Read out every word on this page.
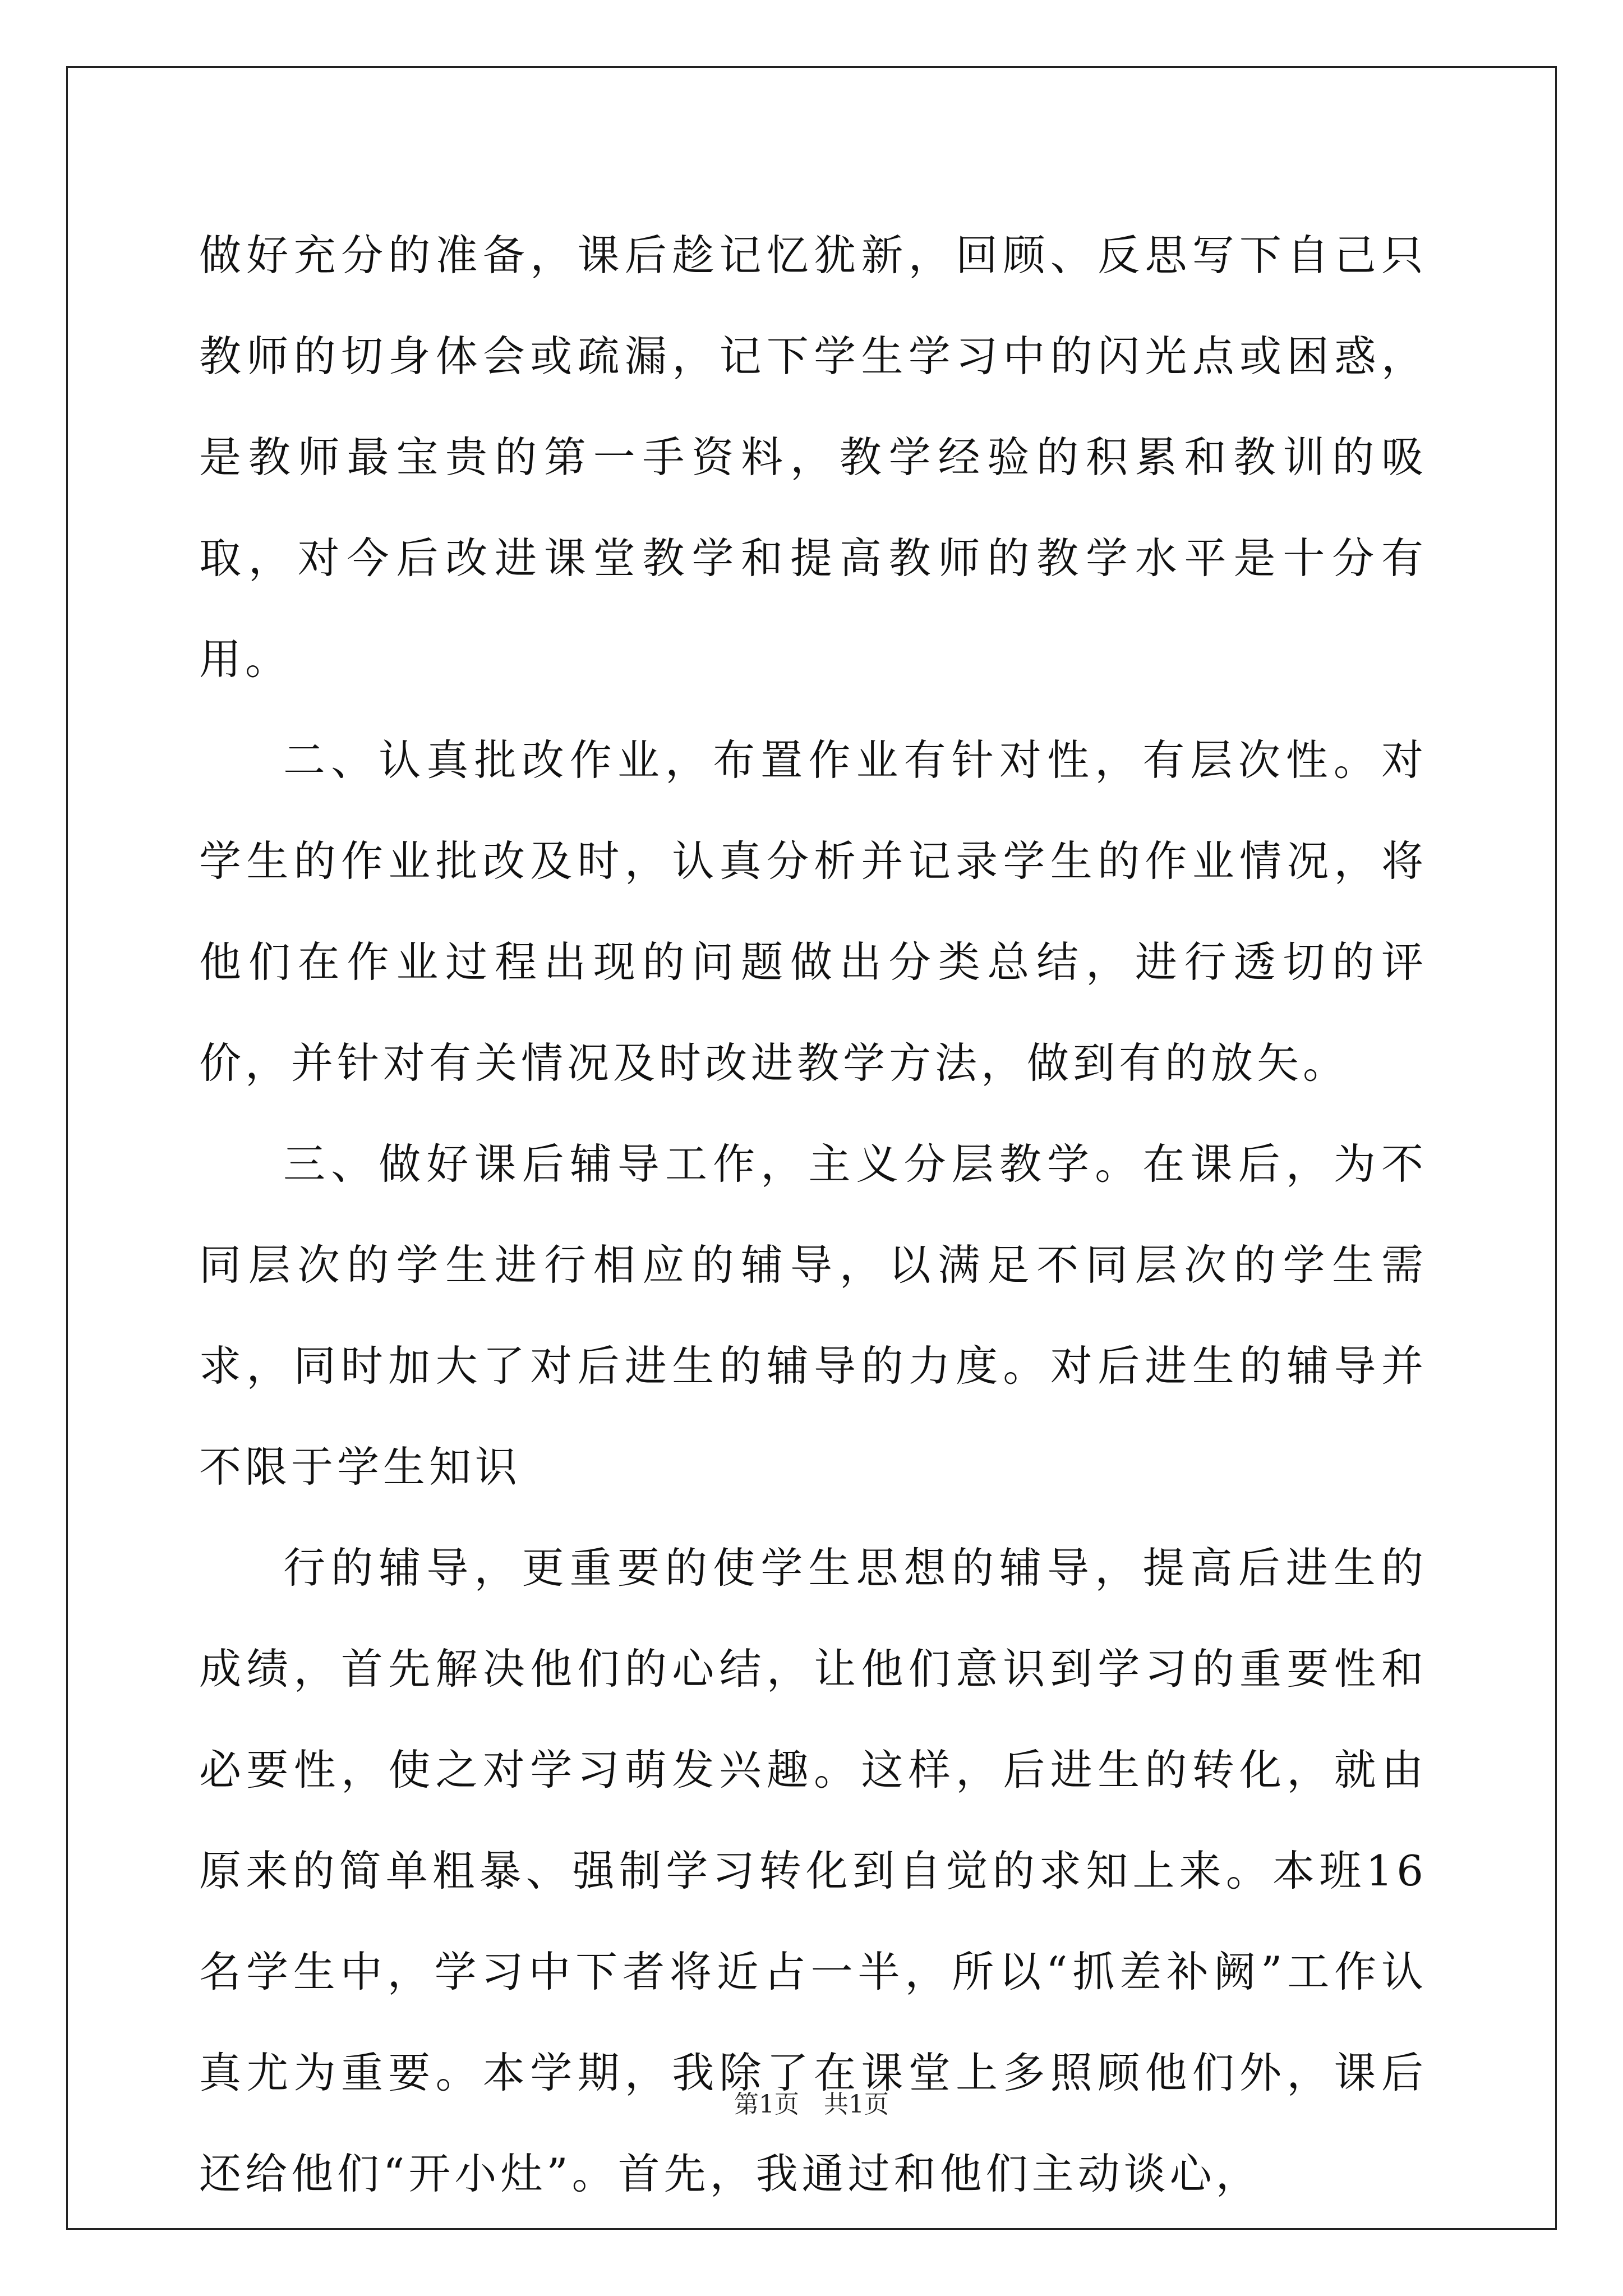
做好充分的准备，课后趁记忆犹新，回顾、反思写下自己只教师的切身体会或疏漏，记下学生学习中的闪光点或困惑，是教师最宝贵的第一手资料，教学经验的积累和教训的吸取，对今后改进课堂教学和提高教师的教学水平是十分有用。

二、认真批改作业，布置作业有针对性，有层次性。对学生的作业批改及时，认真分析并记录学生的作业情况，将他们在作业过程出现的问题做出分类总结，进行透切的评价，并针对有关情况及时改进教学方法，做到有的放矢。

三、做好课后辅导工作，主义分层教学。在课后，为不同层次的学生进行相应的辅导，以满足不同层次的学生需求，同时加大了对后进生的辅导的力度。对后进生的辅导并不限于学生知识

行的辅导，更重要的使学生思想的辅导，提高后进生的成绩，首先解决他们的心结，让他们意识到学习的重要性和必要性，使之对学习萌发兴趣。这样，后进生的转化，就由原来的简单粗暴、强制学习转化到自觉的求知上来。本班16名学生中，学习中下者将近占一半，所以“抓差补阙”工作认真尤为重要。本学期，我除了在课堂上多照顾他们外，课后还给他们“开小灶”。首先，我通过和他们主动谈心，

第1页　共1页
